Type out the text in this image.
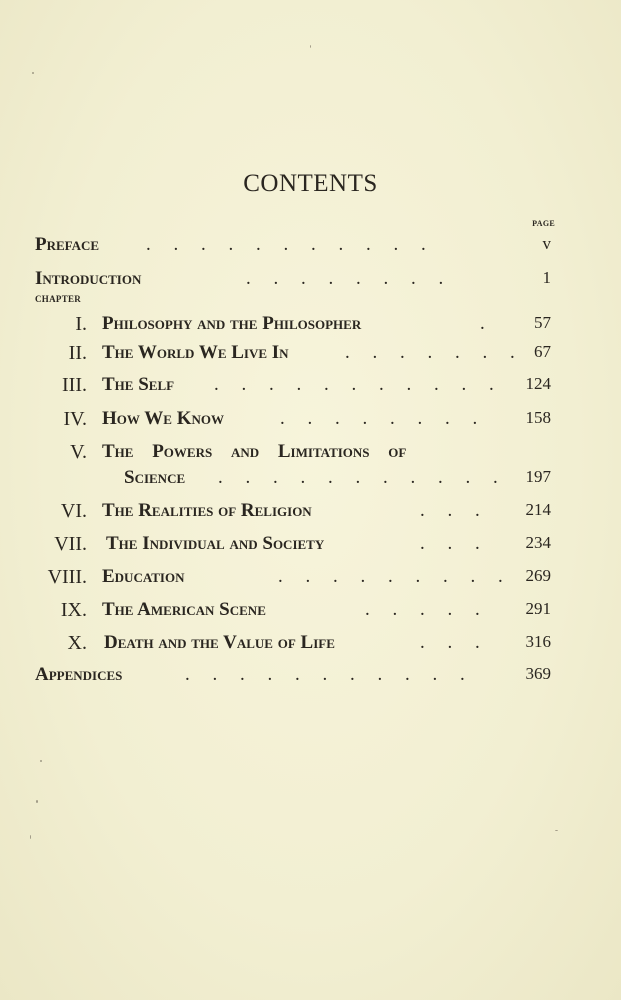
CONTENTS
PAGE
Preface . . . . . . . . . . .	v
Introduction	. . . . . . . .	1
CHAPTER
I. Philosophy and the Philosopher	. 57
II. The World We Live In	. . . . . . . 67
III. The Self . . . . . . . . . . . 124
IV. How We Know	. . . . . . . . 158
V. The Powers and Limitations of
Science . . . . . . . . . . . 197
VI. The Realities of Religion	. . . 214
VII. The Individual and Society	. . . 234
VIII. Education	. . . . . . . . . 269
IX. The American Scene	. . . . . 291
X. Death and the Value of Life	. . . 316
Appendices	. . . . . . . . . . .	369
